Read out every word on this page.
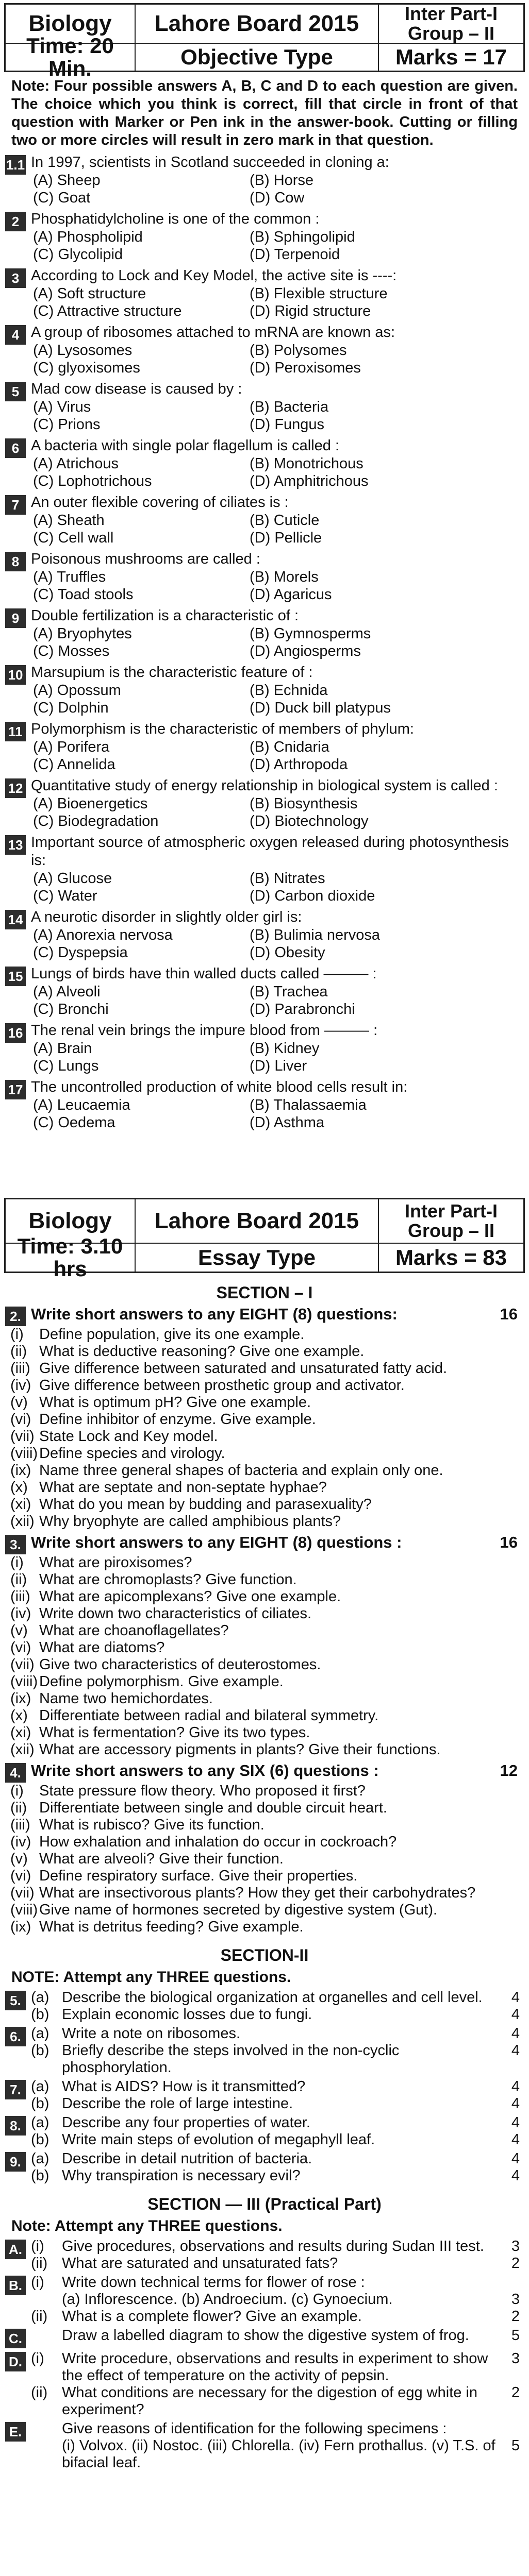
Biology	Lahore Board 2015	Inter Part-I
Group – II
Time: 20 Min.	Objective Type	Marks = 17
Note: Four possible answers A, B, C and D to each question are given. The choice which you think is correct, fill that circle in front of that question with Marker or Pen ink in the answer-book. Cutting or filling two or more circles will result in zero mark in that question.
1.1 In 1997, scientists in Scotland succeeded in cloning a:
(A) Sheep	(B) Horse
(C) Goat	(D) Cow
2 Phosphatidylcholine is one of the common :
(A) Phospholipid	(B) Sphingolipid
(C) Glycolipid	(D) Terpenoid
3 According to Lock and Key Model, the active site is ----:
(A) Soft structure	(B) Flexible structure
(C) Attractive structure	(D) Rigid structure
4 A group of ribosomes attached to mRNA are known as:
(A) Lysosomes	(B) Polysomes
(C) glyoxisomes	(D) Peroxisomes
5 Mad cow disease is caused by :
(A) Virus	(B) Bacteria
(C) Prions	(D) Fungus
6 A bacteria with single polar flagellum is called :
(A) Atrichous	(B) Monotrichous
(C) Lophotrichous	(D) Amphitrichous
7 An outer flexible covering of ciliates is :
(A) Sheath	(B) Cuticle
(C) Cell wall	(D) Pellicle
8 Poisonous mushrooms are called :
(A) Truffles	(B) Morels
(C) Toad stools	(D) Agaricus
9 Double fertilization is a characteristic of :
(A) Bryophytes	(B) Gymnosperms
(C) Mosses	(D) Angiosperms
10 Marsupium is the characteristic feature of :
(A) Opossum	(B) Echnida
(C) Dolphin	(D) Duck bill platypus
11 Polymorphism is the characteristic of members of phylum:
(A) Porifera	(B) Cnidaria
(C) Annelida	(D) Arthropoda
12 Quantitative study of energy relationship in biological system is called :
(A) Bioenergetics	(B) Biosynthesis
(C) Biodegradation	(D) Biotechnology
13 Important source of atmospheric oxygen released during photosynthesis is:
(A) Glucose	(B) Nitrates
(C) Water	(D) Carbon dioxide
14 A neurotic disorder in slightly older girl is:
(A) Anorexia nervosa	(B) Bulimia nervosa
(C) Dyspepsia	(D) Obesity
15 Lungs of birds have thin walled ducts called ——— :
(A) Alveoli	(B) Trachea
(C) Bronchi	(D) Parabronchi
16 The renal vein brings the impure blood from ——— :
(A) Brain	(B) Kidney
(C) Lungs	(D) Liver
17 The uncontrolled production of white blood cells result in:
(A) Leucaemia	(B) Thalassaemia
(C) Oedema	(D) Asthma
Biology	Lahore Board 2015	Inter Part-I
Group – II
Time: 3.10 hrs	Essay Type	Marks = 83
SECTION – I
2. Write short answers to any EIGHT (8) questions:	16
(i)	Define population, give its one example.
(ii) What is deductive reasoning? Give one example.
(iii) Give difference between saturated and unsaturated fatty acid.
(iv) Give difference between prosthetic group and activator.
(v) What is optimum pH? Give one example.
(vi) Define inhibitor of enzyme. Give example.
(vii) State Lock and Key model.
(viii) Define species and virology.
(ix) Name three general shapes of bacteria and explain only one.
(x) What are septate and non-septate hyphae?
(xi) What do you mean by budding and parasexuality?
(xii) Why bryophyte are called amphibious plants?
3. Write short answers to any EIGHT (8) questions :	16
(i)	What are piroxisomes?
(ii) What are chromoplasts? Give function.
(iii) What are apicomplexans? Give one example.
(iv) Write down two characteristics of ciliates.
(v) What are choanoflagellates?
(vi) What are diatoms?
(vii) Give two characteristics of deuterostomes.
(viii) Define polymorphism. Give example.
(ix) Name two hemichordates.
(x) Differentiate between radial and bilateral symmetry.
(xi) What is fermentation? Give its two types.
(xii) What are accessory pigments in plants? Give their functions.
4. Write short answers to any SIX (6) questions :	12
(i)	State pressure flow theory. Who proposed it first?
(ii) Differentiate between single and double circuit heart.
(iii) What is rubisco? Give its function.
(iv) How exhalation and inhalation do occur in cockroach?
(v) What are alveoli? Give their function.
(vi) Define respiratory surface. Give their properties.
(vii) What are insectivorous plants? How they get their carbohydrates?
(viii) Give name of hormones secreted by digestive system (Gut).
(ix) What is detritus feeding? Give example.
SECTION-II
NOTE: Attempt any THREE questions.
5. (a) Describe the biological organization at organelles and cell level.	4
(b) Explain economic losses due to fungi.	4
6. (a) Write a note on ribosomes.	4
(b) Briefly describe the steps involved in the non-cyclic phosphorylation.
4
7. (a) What is AIDS? How is it transmitted?	4
(b) Describe the role of large intestine.	4
8. (a) Describe any four properties of water.	4
(b) Write main steps of evolution of megaphyll leaf.	4
9. (a) Describe in detail nutrition of bacteria.	4
(b) Why transpiration is necessary evil?	4
SECTION — III (Practical Part)
Note: Attempt any THREE questions.
A. (i)	Give procedures, observations and results during Sudan III test.	3
(ii) What are saturated and unsaturated fats?	2
B. (i)	Write down technical terms for flower of rose :
(a) Inflorescence. (b) Androecium. (c) Gynoecium.	3
(ii) What is a complete flower? Give an example.	2
C.	Draw a labelled diagram to show the digestive system of frog.	5
D. (i)	Write procedure, observations and results in experiment to show the effect of temperature on the activity of pepsin.
3
(ii) What conditions are necessary for the digestion of egg white in experiment?
2
E.	Give reasons of identification for the following specimens :
(i) Volvox. (ii) Nostoc. (iii) Chlorella. (iv) Fern prothallus. (v) T.S. of bifacial leaf.
5
